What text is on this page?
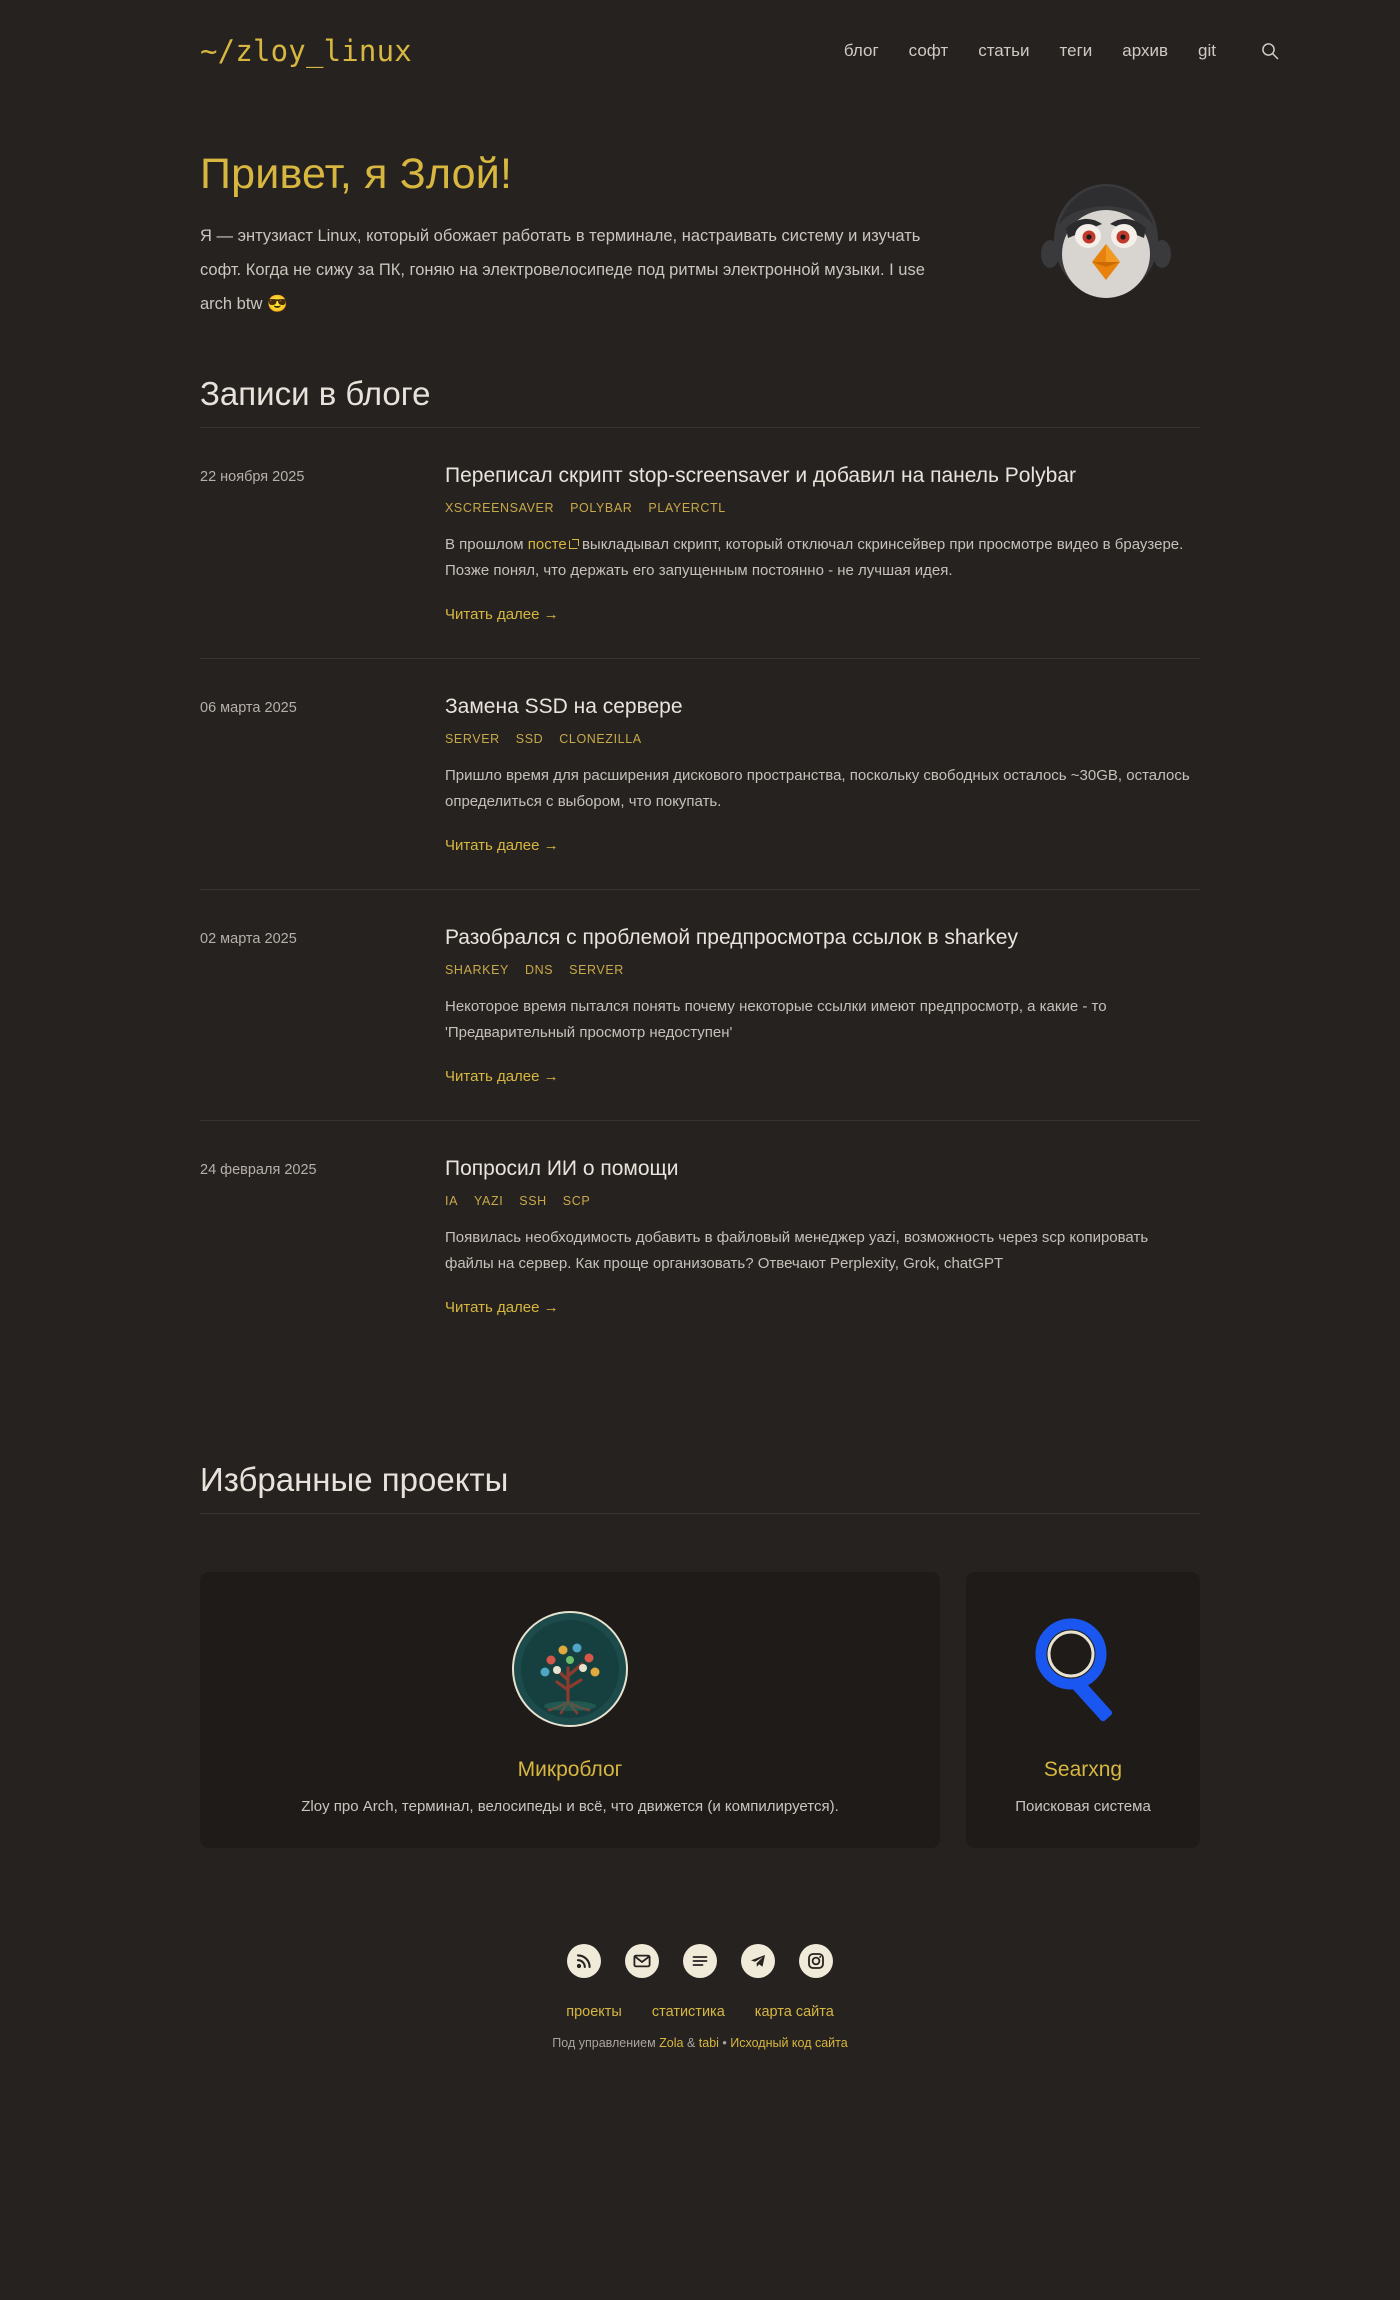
~/zloy_linux	блог софт статьи теги архив git
Привет, я Злой!

Я — энтузиаст Linux, который обожает работать в терминале, настраивать систему и изучать софт. Когда не сижу за ПК, гоняю на электровелосипеде под ритмы электронной музыки. I use arch btw 😎

Записи в блоге
22 ноября 2025	Переписал скрипт stop-screensaver и добавил на панель Polybar
XSCREENSAVER POLYBAR PLAYERCTL

В прошлом посте выкладывал скрипт, который отключал скринсейвер при просмотре видео в браузере. Позже понял, что держать его запущенным постоянно - не лучшая идея.

Читать далее →
06 марта 2025	Замена SSD на сервере
SERVER SSD CLONEZILLA

Пришло время для расширения дискового пространства, поскольку свободных осталось ~30GB, осталось определиться с выбором, что покупать.

Читать далее →
02 марта 2025	Разобрался с проблемой предпросмотра ссылок в sharkey
SHARKEY DNS SERVER

Некоторое время пытался понять почему некоторые ссылки имеют предпросмотр, а какие - то 'Предварительный просмотр недоступен'

Читать далее →
24 февраля 2025	Попросил ИИ о помощи
IA YAZI SSH SCP

Появилась необходимость добавить в файловый менеджер yazi, возможность через scp копировать файлы на сервер. Как проще организовать? Отвечают Perplexity, Grok, chatGPT

Читать далее →
Избранные проекты
Микроблог

Zloy про Arch, терминал, велосипеды и всё, что движется (и компилируется).

Searxng

Поисковая система

проекты статистика карта сайта
Под управлением Zola & tabi • Исходный код сайта
